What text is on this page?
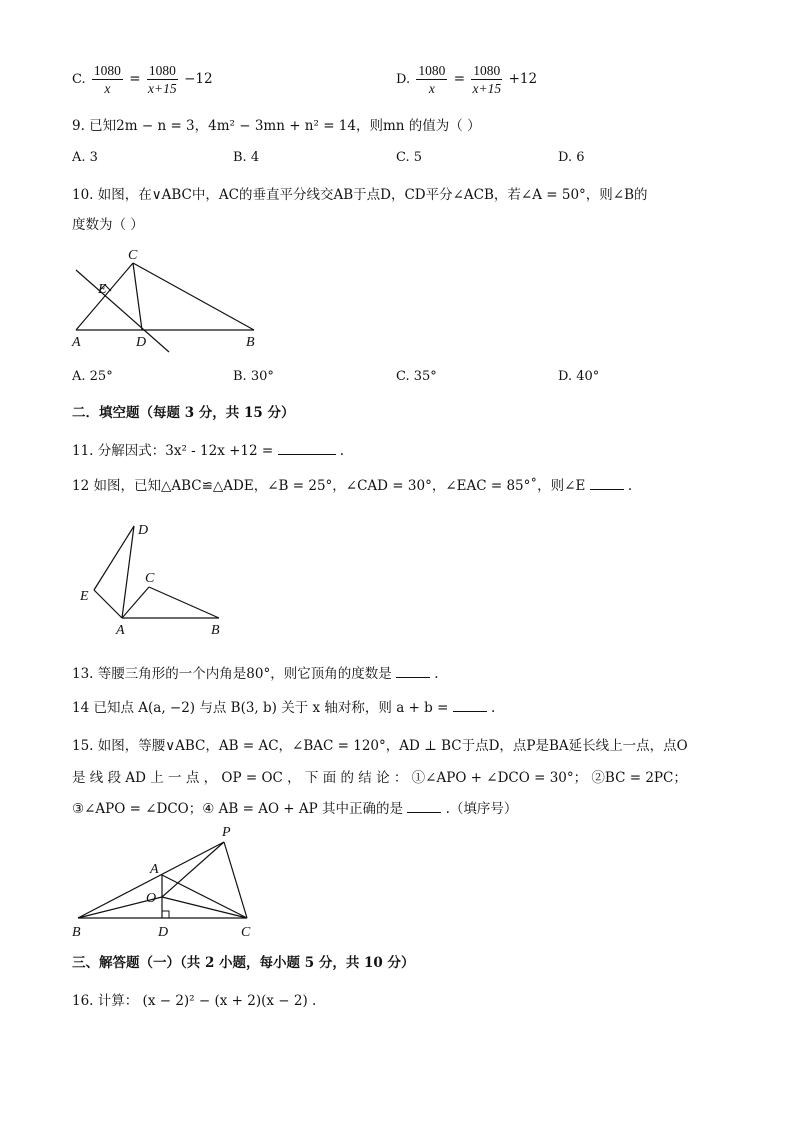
C. $\frac{1080}{x} = \frac{1080}{x+15} -12$	D. $\frac{1080}{x} = \frac{1080}{x+15} +12$
9. 已知2m − n = 3，4m² − 3mn + n² = 14，则mn 的值为（ ）
A. 3	B. 4	C. 5	D. 6
10. 如图，在∨ABC中，AC的垂直平分线交AB于点D，CD平分∠ACB，若∠A = 50°，则∠B的
度数为（ ）
C
E
A	D	B
A. 25°	B. 30°	C. 35°	D. 40°
二．填空题（每题 3 分，共 15 分）
11. 分解因式：3x² - 12x +12 =	.
12 如图，已知△ABC≌△ADE，∠B = 25°，∠CAD = 30°，∠EAC = 85°˚，则∠E	.
D
C
E
A	B
13. 等腰三角形的一个内角是80°，则它顶角的度数是	.
14 已知点 A(a, −2) 与点 B(3, b) 关于 x 轴对称，则 a + b =	.
15. 如图，等腰∨ABC，AB = AC，∠BAC = 120°，AD ⊥ BC于点D，点P是BA延长线上一点，点O
是 线 段 AD 上 一 点 ， OP = OC ， 下 面 的 结 论 ： ①∠APO + ∠DCO = 30°； ②BC = 2PC；
③∠APO = ∠DCO；④ AB = AO + AP 其中正确的是	.（填序号）
P
A
O
B	D	C
三、解答题（一）（共 2 小题，每小题 5 分，共 10 分）
16. 计算： (x − 2)² − (x + 2)(x − 2) .
